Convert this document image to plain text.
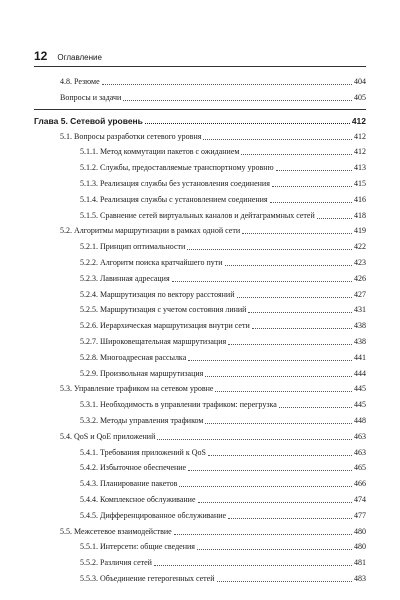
12 Оглавление
4.8. Резюме	404
Вопросы и задачи	405
Глава 5. Сетевой уровень	412
5.1. Вопросы разработки сетевого уровня	412
5.1.1. Метод коммутации пакетов с ожиданием	412
5.1.2. Службы, предоставляемые транспортному уровню	413
5.1.3. Реализация службы без установления соединения	415
5.1.4. Реализация службы с установлением соединения	416
5.1.5. Сравнение сетей виртуальных каналов и дейтаграммных сетей	418
5.2. Алгоритмы маршрутизации в рамках одной сети	419
5.2.1. Принцип оптимальности	422
5.2.2. Алгоритм поиска кратчайшего пути	423
5.2.3. Лавинная адресация	426
5.2.4. Маршрутизация по вектору расстояний	427
5.2.5. Маршрутизация с учетом состояния линий	431
5.2.6. Иерархическая маршрутизация внутри сети	438
5.2.7. Широковещательная маршрутизация	438
5.2.8. Многоадресная рассылка	441
5.2.9. Произвольная маршрутизация	444
5.3. Управление трафиком на сетевом уровне	445
5.3.1. Необходимость в управлении трафиком: перегрузка	445
5.3.2. Методы управления трафиком	448
5.4. QoS и QoE приложений	463
5.4.1. Требования приложений к QoS	463
5.4.2. Избыточное обеспечение	465
5.4.3. Планирование пакетов	466
5.4.4. Комплексное обслуживание	474
5.4.5. Дифференцированное обслуживание	477
5.5. Межсетевое взаимодействие	480
5.5.1. Интерсети: общие сведения	480
5.5.2. Различия сетей	481
5.5.3. Объединение гетерогенных сетей	483
